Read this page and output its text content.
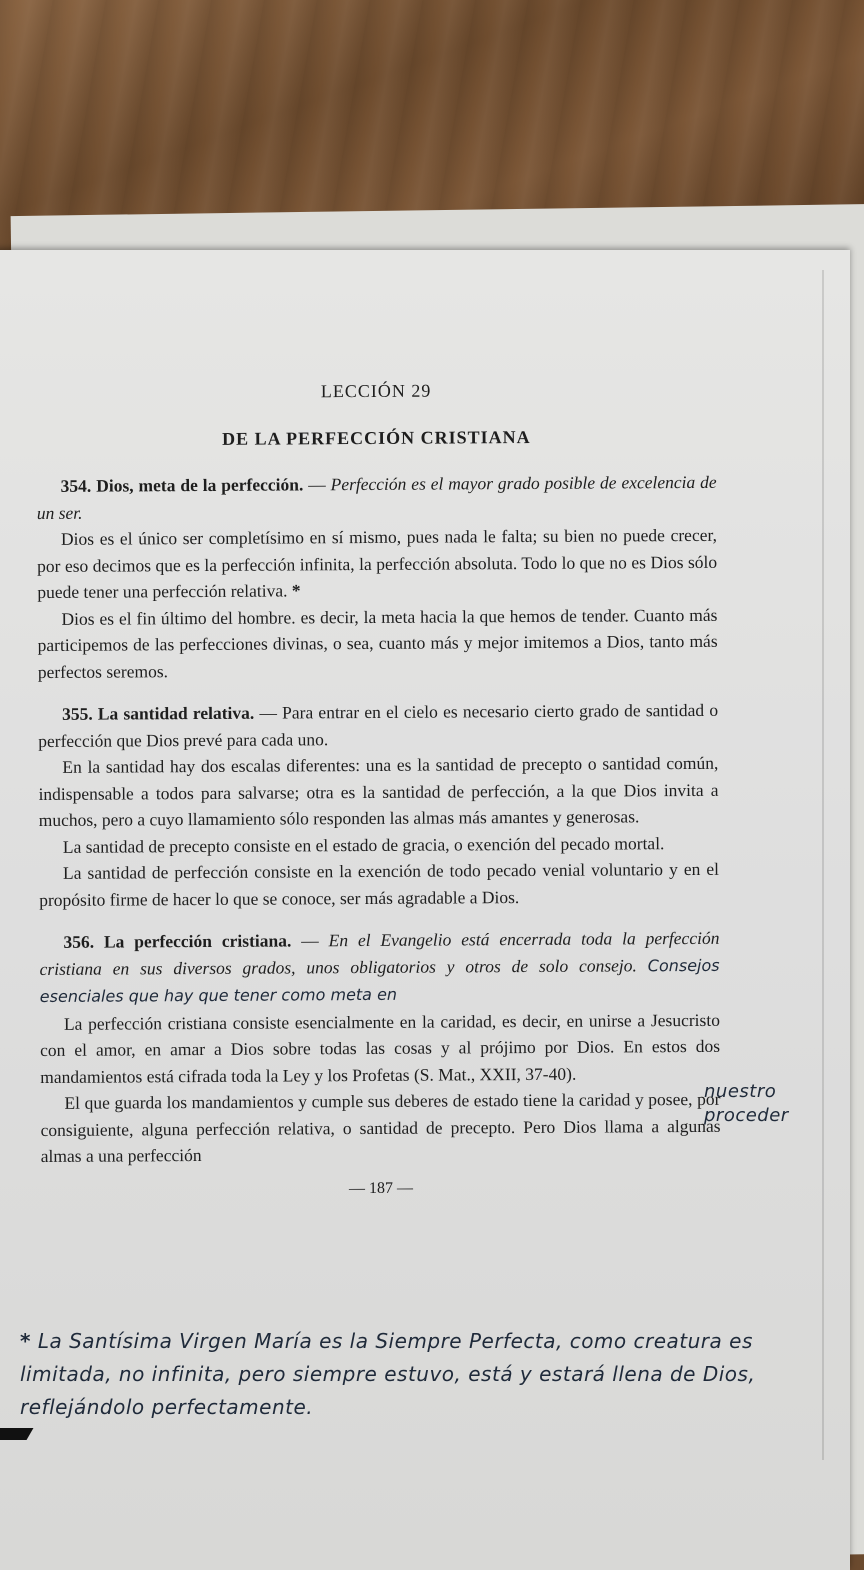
LECCIÓN 29
DE LA PERFECCIÓN CRISTIANA

354. Dios, meta de la perfección. — Perfección es el mayor grado posible de excelencia de un ser.

Dios es el único ser completísimo en sí mismo, pues nada le falta; su bien no puede crecer, por eso decimos que es la perfección infinita, la perfección absoluta. Todo lo que no es Dios sólo puede tener una perfección relativa. *

Dios es el fin último del hombre. es decir, la meta hacia la que hemos de tender. Cuanto más participemos de las perfecciones divinas, o sea, cuanto más y mejor imitemos a Dios, tanto más perfectos seremos.

355. La santidad relativa. — Para entrar en el cielo es necesario cierto grado de santidad o perfección que Dios prevé para cada uno.

En la santidad hay dos escalas diferentes: una es la santidad de precepto o santidad común, indispensable a todos para salvarse; otra es la santidad de perfección, a la que Dios invita a muchos, pero a cuyo llamamiento sólo responden las almas más amantes y generosas.

La santidad de precepto consiste en el estado de gracia, o exención del pecado mortal.

La santidad de perfección consiste en la exención de todo pecado venial voluntario y en el propósito firme de hacer lo que se conoce, ser más agradable a Dios.

356. La perfección cristiana. — En el Evangelio está encerrada toda la perfección cristiana en sus diversos grados, unos obligatorios y otros de solo consejo. Consejos esenciales que hay que tener como meta en

La perfección cristiana consiste esencialmente en la caridad, es decir, en unirse a Jesucristo con el amor, en amar a Dios sobre todas las cosas y al prójimo por Dios. En estos dos mandamientos está cifrada toda la Ley y los Profetas (S. Mat., XXII, 37-40).

El que guarda los mandamientos y cumple sus deberes de estado tiene la caridad y posee, por consiguiente, alguna perfección relativa, o santidad de precepto. Pero Dios llama a algunas almas a una perfección

— 187 —
nuestro proceder
* La Santísima Virgen María es la Siempre Perfecta, como creatura es limitada, no infinita, pero siempre estuvo, está y estará llena de Dios, reflejándolo perfectamente.
